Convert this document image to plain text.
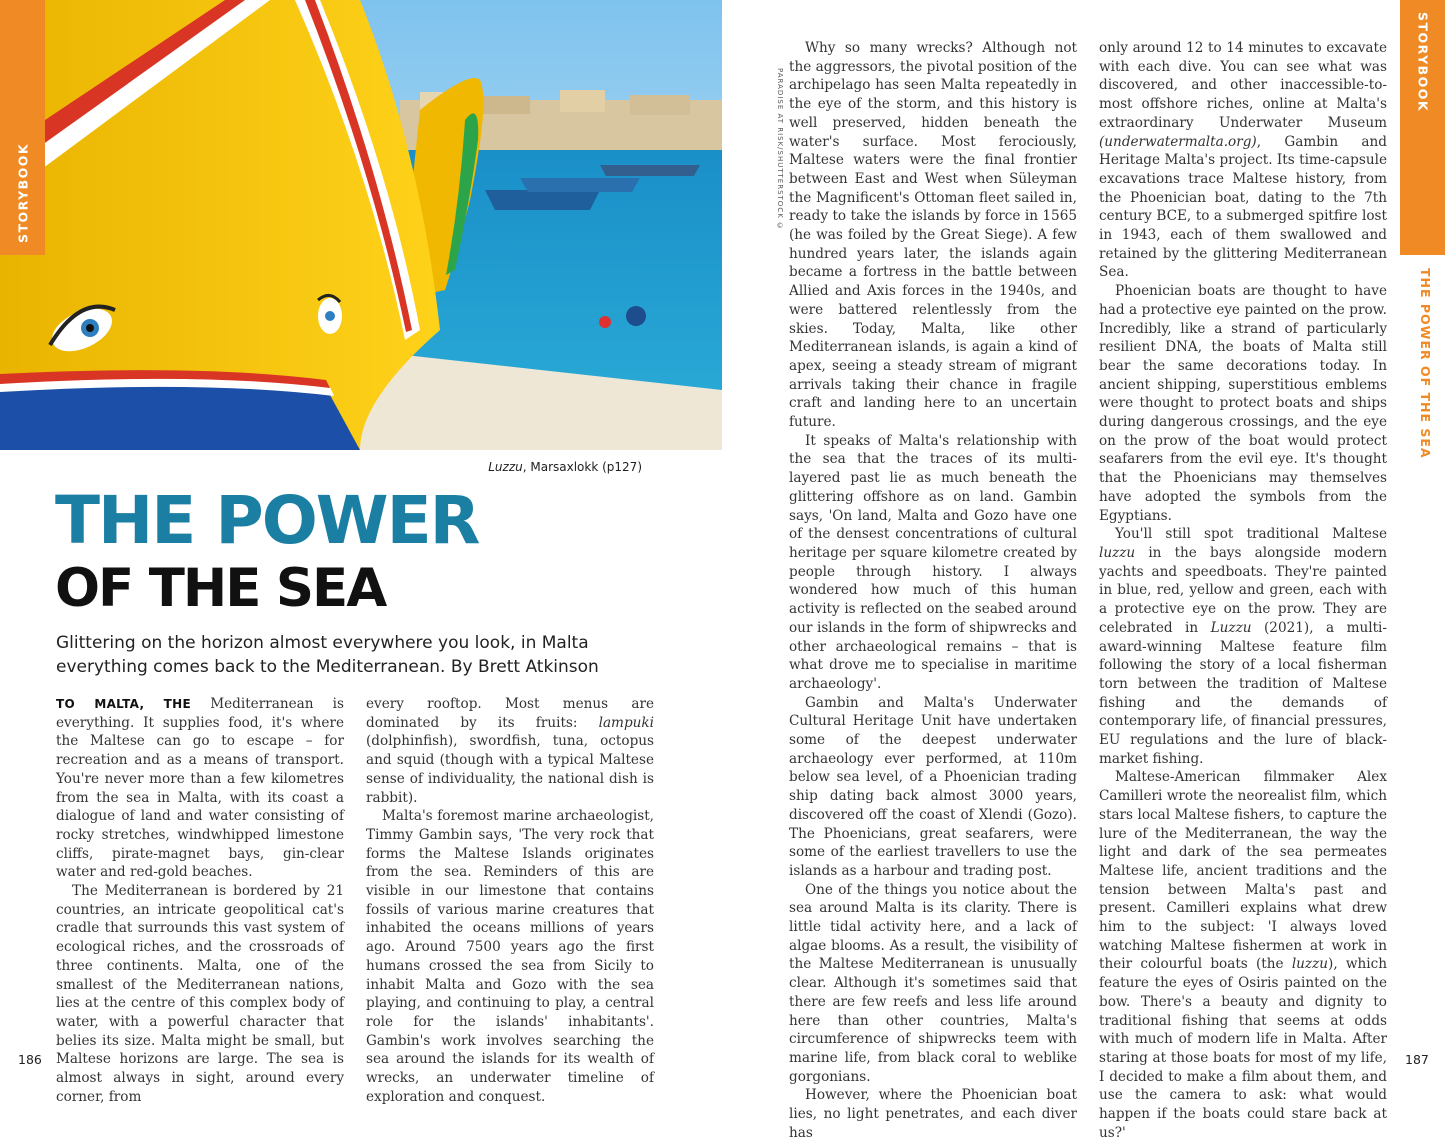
STORYBOOK
Luzzu, Marsaxlokk (p127)
THE POWER
OF THE SEA
Glittering on the horizon almost everywhere you look, in Malta everything comes back to the Mediterranean. By Brett Atkinson
186

TO MALTA, THE Mediterranean is everything. It supplies food, it's where the Maltese can go to escape – for recreation and as a means of transport. You're never more than a few kilometres from the sea in Malta, with its coast a dialogue of land and water consisting of rocky stretches, windwhipped limestone cliffs, pirate-magnet bays, gin-clear water and red-gold beaches.

The Mediterranean is bordered by 21 countries, an intricate geopolitical cat's cradle that surrounds this vast system of ecological riches, and the crossroads of three continents. Malta, one of the smallest of the Mediterranean nations, lies at the centre of this complex body of water, with a powerful character that belies its size. Malta might be small, but Maltese horizons are large. The sea is almost always in sight, around every corner, from

every rooftop. Most menus are dominated by its fruits: lampuki (dolphinfish), swordfish, tuna, octopus and squid (though with a typical Maltese sense of individuality, the national dish is rabbit).

Malta's foremost marine archaeologist, Timmy Gambin says, 'The very rock that forms the Maltese Islands originates from the sea. Reminders of this are visible in our limestone that contains fossils of various marine creatures that inhabited the oceans millions of years ago. Around 7500 years ago the first humans crossed the sea from Sicily to inhabit Malta and Gozo with the sea playing, and continuing to play, a central role for the islands' inhabitants'. Gambin's work involves searching the sea around the islands for its wealth of wrecks, an underwater timeline of exploration and conquest.

STORYBOOK
THE POWER OF THE SEA
PARADISE AT RISK/SHUTTERSTOCK ©

Why so many wrecks? Although not the aggressors, the pivotal position of the archipelago has seen Malta repeatedly in the eye of the storm, and this history is well preserved, hidden beneath the water's surface. Most ferociously, Maltese waters were the final frontier between East and West when Süleyman the Magnificent's Ottoman fleet sailed in, ready to take the islands by force in 1565 (he was foiled by the Great Siege). A few hundred years later, the islands again became a fortress in the battle between Allied and Axis forces in the 1940s, and were battered relentlessly from the skies. Today, Malta, like other Mediterranean islands, is again a kind of apex, seeing a steady stream of migrant arrivals taking their chance in fragile craft and landing here to an uncertain future.

It speaks of Malta's relationship with the sea that the traces of its multi-layered past lie as much beneath the glittering offshore as on land. Gambin says, 'On land, Malta and Gozo have one of the densest concentrations of cultural heritage per square kilometre created by people through history. I always wondered how much of this human activity is reflected on the seabed around our islands in the form of shipwrecks and other archaeological remains – that is what drove me to specialise in maritime archaeology'.

Gambin and Malta's Underwater Cultural Heritage Unit have undertaken some of the deepest underwater archaeology ever performed, at 110m below sea level, of a Phoenician trading ship dating back almost 3000 years, discovered off the coast of Xlendi (Gozo). The Phoenicians, great seafarers, were some of the earliest travellers to use the islands as a harbour and trading post.

One of the things you notice about the sea around Malta is its clarity. There is little tidal activity here, and a lack of algae blooms. As a result, the visibility of the Maltese Mediterranean is unusually clear. Although it's sometimes said that there are few reefs and less life around here than other countries, Malta's circumference of shipwrecks teem with marine life, from black coral to weblike gorgonians.

However, where the Phoenician boat lies, no light penetrates, and each diver has

only around 12 to 14 minutes to excavate with each dive. You can see what was discovered, and other inaccessible-to-most offshore riches, online at Malta's extraordinary Underwater Museum (underwatermalta.org), Gambin and Heritage Malta's project. Its time-capsule excavations trace Maltese history, from the Phoenician boat, dating to the 7th century BCE, to a submerged spitfire lost in 1943, each of them swallowed and retained by the glittering Mediterranean Sea.

Phoenician boats are thought to have had a protective eye painted on the prow. Incredibly, like a strand of particularly resilient DNA, the boats of Malta still bear the same decorations today. In ancient shipping, superstitious emblems were thought to protect boats and ships during dangerous crossings, and the eye on the prow of the boat would protect seafarers from the evil eye. It's thought that the Phoenicians may themselves have adopted the symbols from the Egyptians.

You'll still spot traditional Maltese luzzu in the bays alongside modern yachts and speedboats. They're painted in blue, red, yellow and green, each with a protective eye on the prow. They are celebrated in Luzzu (2021), a multi-award-winning Maltese feature film following the story of a local fisherman torn between the tradition of Maltese fishing and the demands of contemporary life, of financial pressures, EU regulations and the lure of black-market fishing.

Maltese-American filmmaker Alex Camilleri wrote the neorealist film, which stars local Maltese fishers, to capture the lure of the Mediterranean, the way the light and dark of the sea permeates Maltese life, ancient traditions and the tension between Malta's past and present. Camilleri explains what drew him to the subject: 'I always loved watching Maltese fishermen at work in their colourful boats (the luzzu), which feature the eyes of Osiris painted on the bow. There's a beauty and dignity to traditional fishing that seems at odds with much of modern life in Malta. After staring at those boats for most of my life, I decided to make a film about them, and use the camera to ask: what would happen if the boats could stare back at us?'

187
